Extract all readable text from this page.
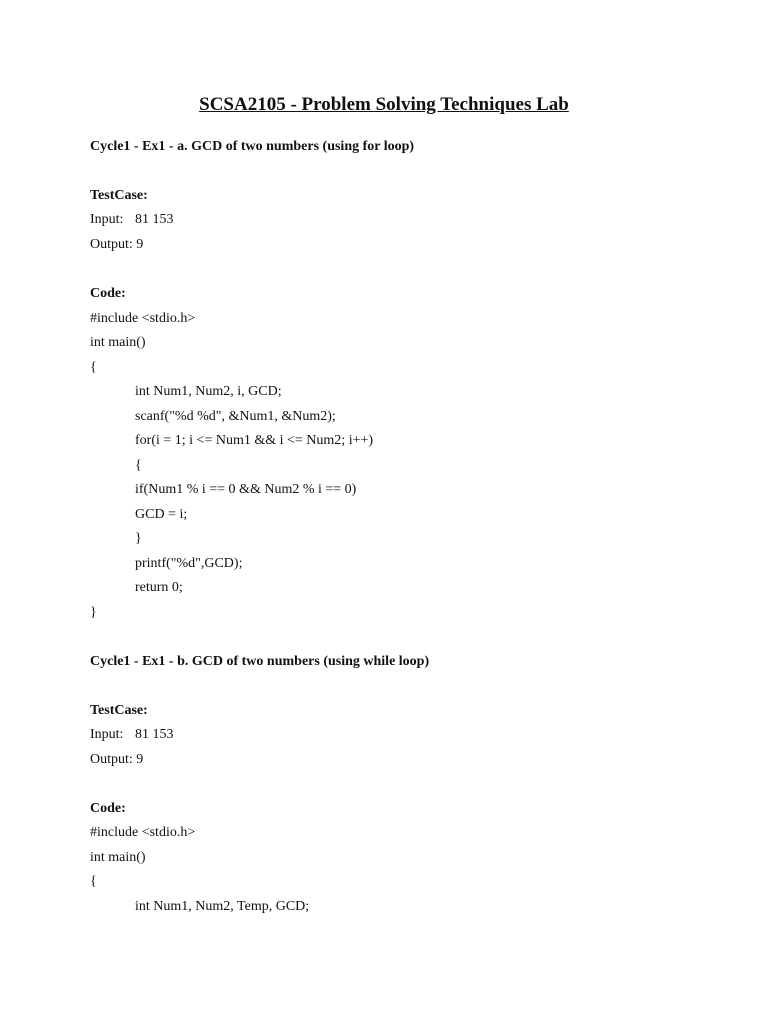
SCSA2105 - Problem Solving Techniques Lab
Cycle1 - Ex1 - a. GCD of two numbers (using for loop)
TestCase:
Input: 81 153
Output: 9
Code:
#include <stdio.h>
int main()
{
int Num1, Num2, i, GCD;
scanf("%d %d", &Num1, &Num2);
for(i = 1; i <= Num1 && i <= Num2; i++)
{
if(Num1 % i == 0 && Num2 % i == 0)
GCD = i;
}
printf("%d",GCD);
return 0;
}
Cycle1 - Ex1 - b. GCD of two numbers (using while loop)
TestCase:
Input: 81 153
Output: 9
Code:
#include <stdio.h>
int main()
{
int Num1, Num2, Temp, GCD;
